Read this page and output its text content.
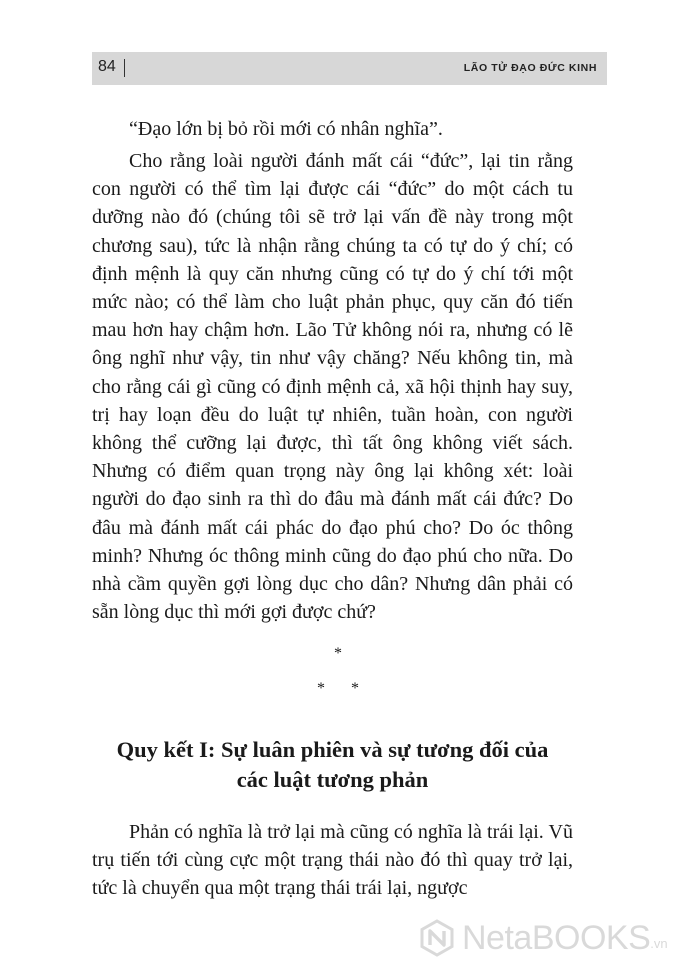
84	LÃO TỬ ĐẠO ĐỨC KINH

“Đạo lớn bị bỏ rồi mới có nhân nghĩa”.

Cho rằng loài người đánh mất cái “đức”, lại tin rằng con người có thể tìm lại được cái “đức” do một cách tu dưỡng nào đó (chúng tôi sẽ trở lại vấn đề này trong một chương sau), tức là nhận rằng chúng ta có tự do ý chí; có định mệnh là quy căn nhưng cũng có tự do ý chí tới một mức nào; có thể làm cho luật phản phục, quy căn đó tiến mau hơn hay chậm hơn. Lão Tử không nói ra, nhưng có lẽ ông nghĩ như vậy, tin như vậy chăng? Nếu không tin, mà cho rằng cái gì cũng có định mệnh cả, xã hội thịnh hay suy, trị hay loạn đều do luật tự nhiên, tuần hoàn, con người không thể cưỡng lại được, thì tất ông không viết sách. Nhưng có điểm quan trọng này ông lại không xét: loài người do đạo sinh ra thì do đâu mà đánh mất cái đức? Do đâu mà đánh mất cái phác do đạo phú cho? Do óc thông minh? Nhưng óc thông minh cũng do đạo phú cho nữa. Do nhà cầm quyền gợi lòng dục cho dân? Nhưng dân phải có sẵn lòng dục thì mới gợi được chứ?

*
* *
Quy kết I: Sự luân phiên và sự tương đối của
các luật tương phản

Phản có nghĩa là trở lại mà cũng có nghĩa là trái lại. Vũ trụ tiến tới cùng cực một trạng thái nào đó thì quay trở lại, tức là chuyển qua một trạng thái trái lại, ngược

NetaBOOKS .vn
